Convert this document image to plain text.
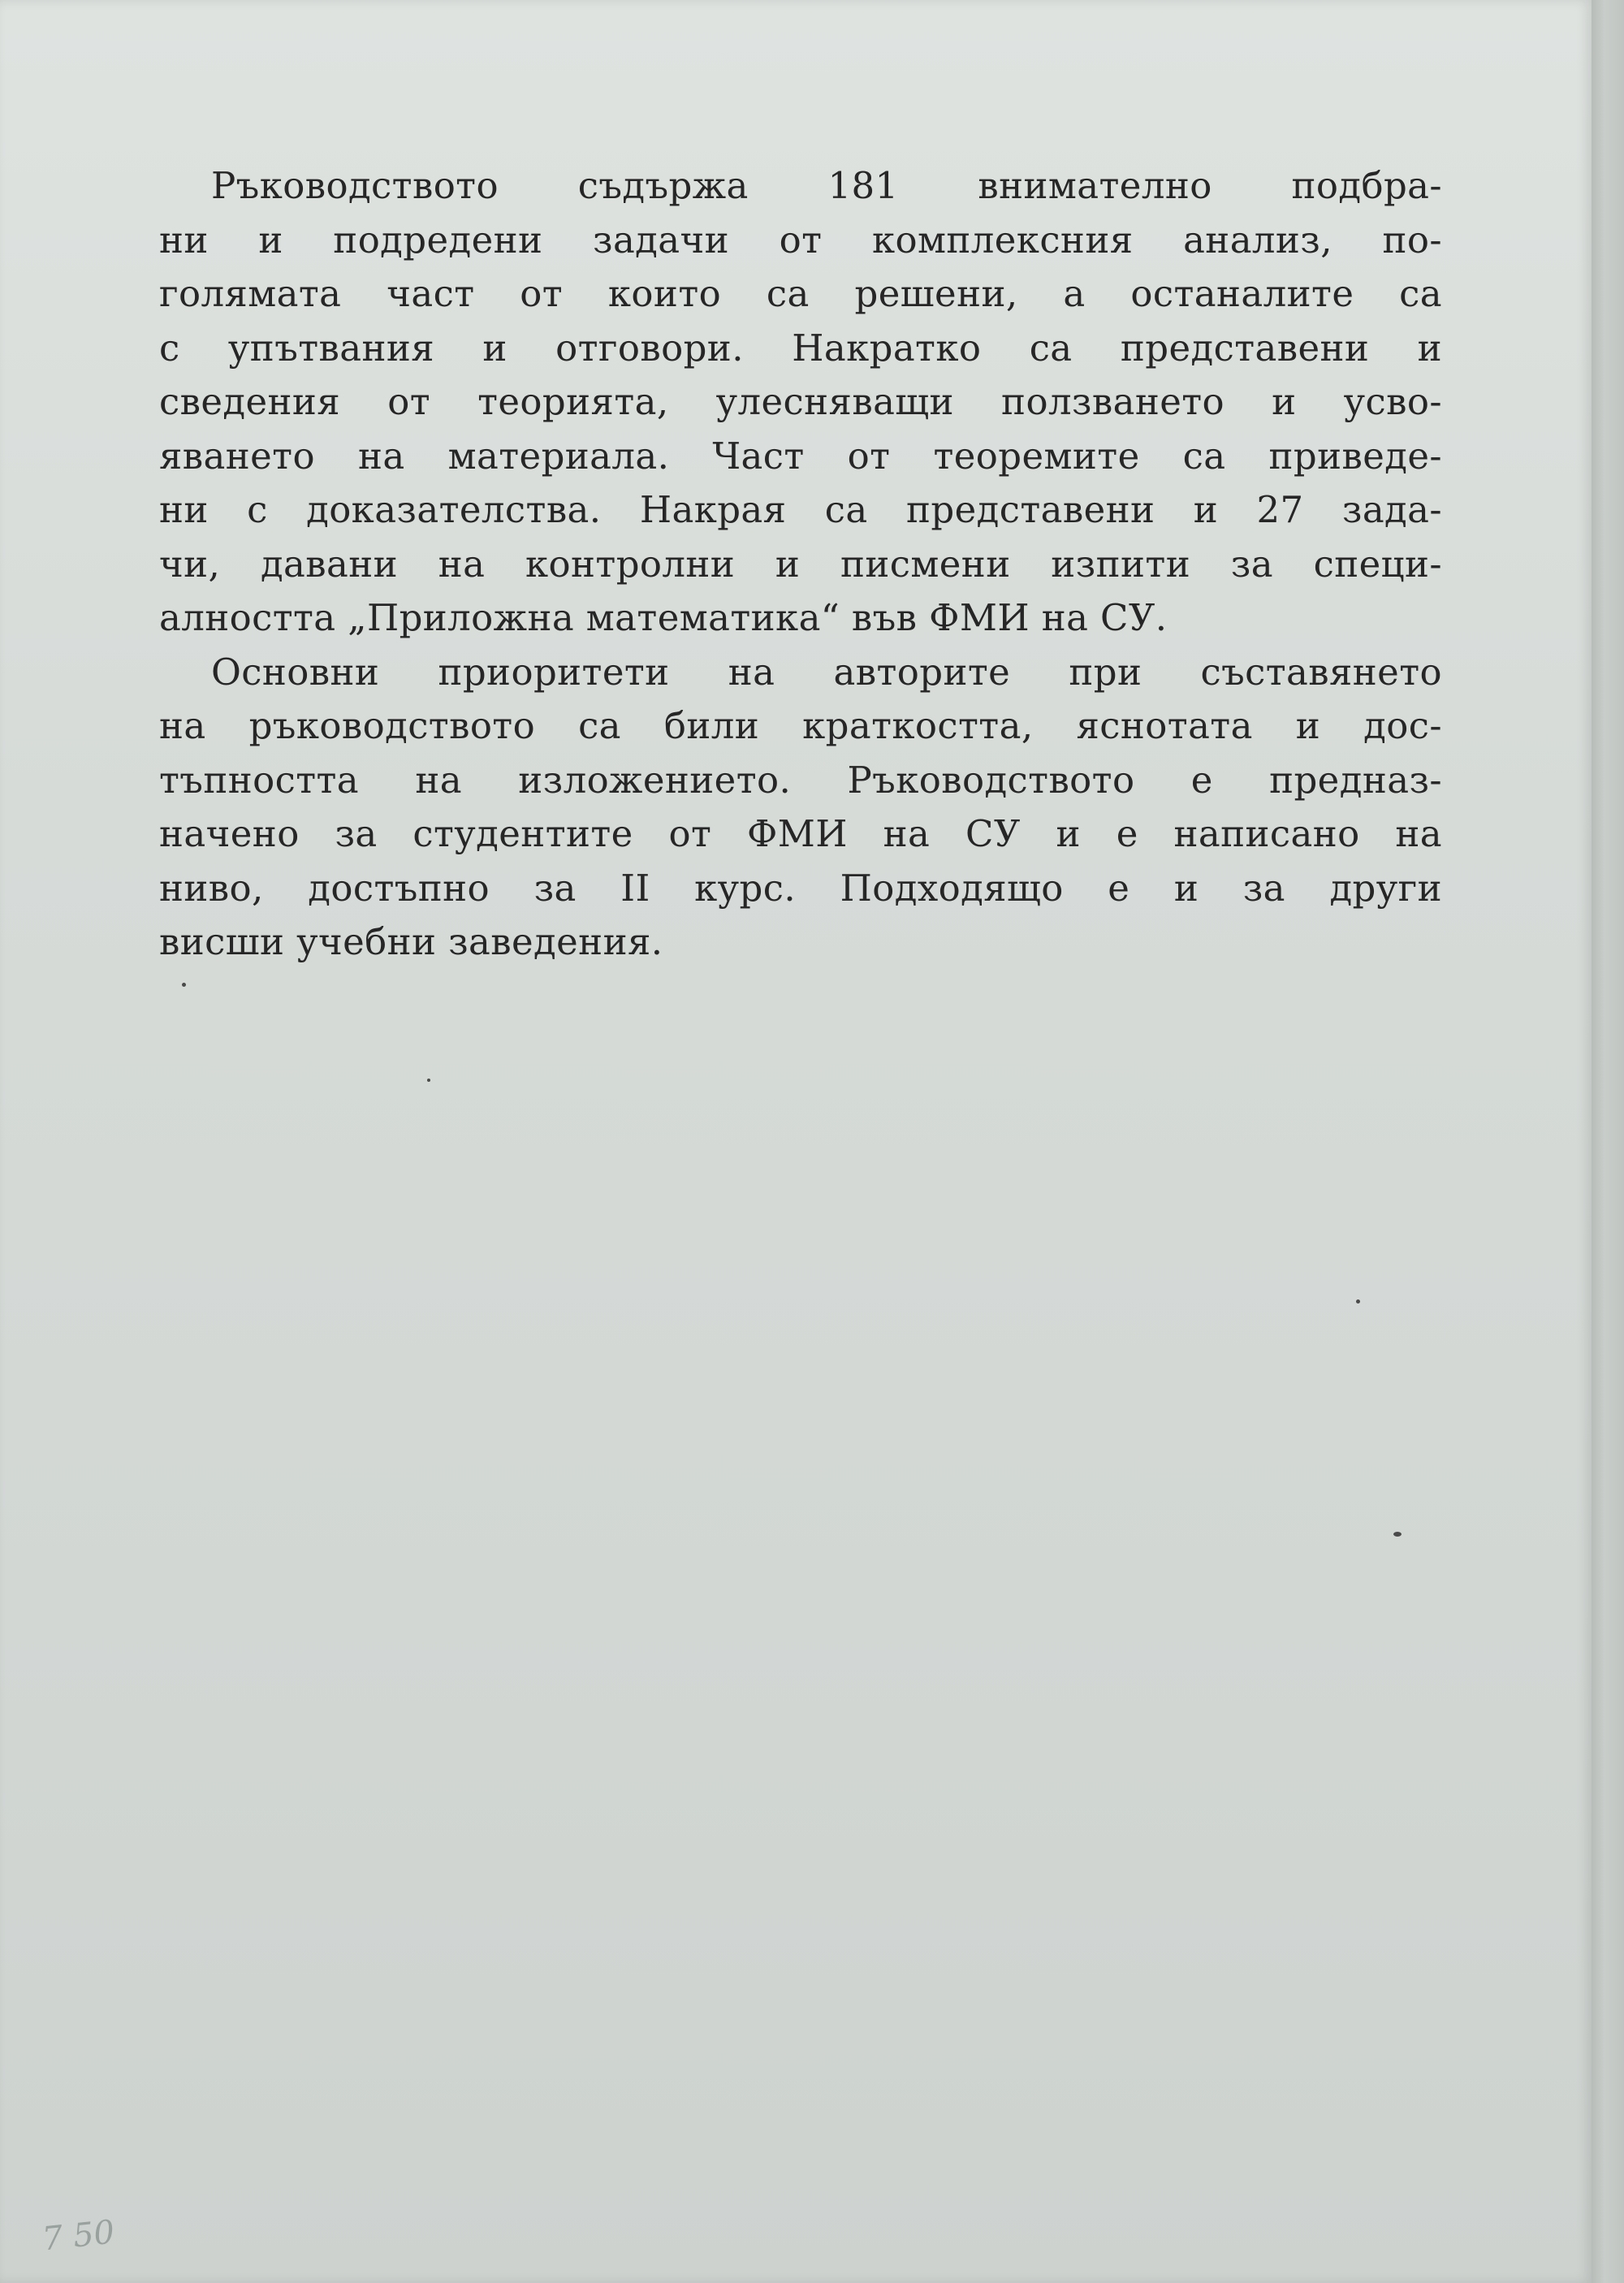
Ръководството съдържа 181 внимателно подбра-
ни и подредени задачи от комплексния анализ, по-
голямата част от които са решени, а останалите са
с упътвания и отговори. Накратко са представени и
сведения от теорията, улесняващи ползването и усво-
яването на материала. Част от теоремите са приведе-
ни с доказателства. Накрая са представени и 27 зада-
чи, давани на контролни и писмени изпити за специ-
алността „Приложна математика“ във ФМИ на СУ.
Основни приоритети на авторите при съставянето
на ръководството са били краткостта, яснотата и дос-
тъпността на изложението. Ръководството е предназ-
начено за студентите от ФМИ на СУ и е написано на
ниво, достъпно за II курс. Подходящо е и за други
висши учебни заведения.
7 50
